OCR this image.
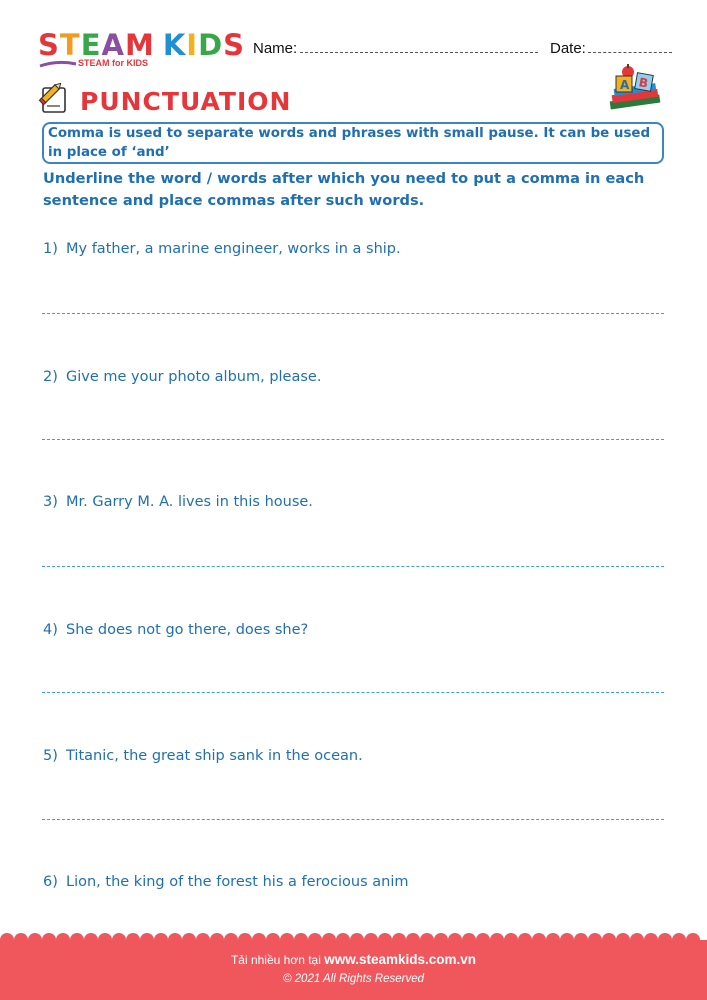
STEAM KIDS
STEAM for KIDS
Name:	Date:
PUNCTUATION
A B
Comma is used to separate words and phrases with small pause. It can be used in place of ‘and’
Underline the word / words after which you need to put a comma in each sentence and place commas after such words.
1) My father, a marine engineer, works in a ship.
2) Give me your photo album, please.
3) Mr. Garry M. A. lives in this house.
4) She does not go there, does she?
5) Titanic, the great ship sank in the ocean.
6) Lion, the king of the forest his a ferocious anim
Tải nhiều hơn tại www.steamkids.com.vn
© 2021 All Rights Reserved
